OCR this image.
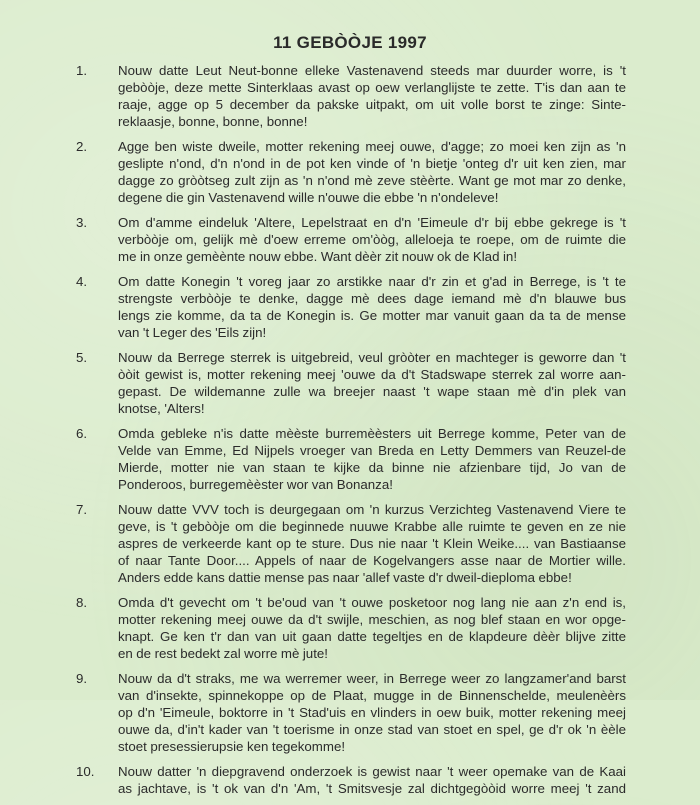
11 GEBÒÒJE 1997
1.	Nouw datte Leut Neut-bonne elleke Vastenavend steeds mar duurder worre, is 't
gebòòje, deze mette Sinterklaas avast op oew verlanglijste te zette. T'is dan aan te
raaje, agge op 5 december da pakske uitpakt, om uit volle borst te zinge: Sinte-
reklaasje, bonne, bonne, bonne!
2.	Agge ben wiste dweile, motter rekening meej ouwe, d'agge; zo moei ken zijn as 'n
geslipte n'ond, d'n n'ond in de pot ken vinde of 'n bietje 'onteg d'r uit ken zien, mar
dagge zo gròòtseg zult zijn as 'n n'ond mè zeve stèèrte. Want ge mot mar zo denke,
degene die gin Vastenavend wille n'ouwe die ebbe 'n n'ondeleve!
3.	Om d'amme eindeluk 'Altere, Lepelstraat en d'n 'Eimeule d'r bij ebbe gekrege is 't
verbòòje om, gelijk mè d'oew erreme om'òòg, alleloeja te roepe, om de ruimte die
me in onze gemèènte nouw ebbe. Want dèèr zit nouw ok de Klad in!
4.	Om datte Konegin 't voreg jaar zo arstikke naar d'r zin et g'ad in Berrege, is 't te
strengste verbòòje te denke, dagge mè dees dage iemand mè d'n blauwe bus
lengs zie komme, da ta de Konegin is. Ge motter mar vanuit gaan da ta de mense
van 't Leger des 'Eils zijn!
5.	Nouw da Berrege sterrek is uitgebreid, veul gròòter en machteger is geworre dan 't
òòit gewist is, motter rekening meej 'ouwe da d't Stadswape sterrek zal worre aan-
gepast. De wildemanne zulle wa breejer naast 't wape staan mè d'in plek van
knotse, 'Alters!
6.	Omda gebleke n'is datte mèèste burremèèsters uit Berrege komme, Peter van de
Velde van Emme, Ed Nijpels vroeger van Breda en Letty Demmers van Reuzel-de
Mierde, motter nie van staan te kijke da binne nie afzienbare tijd, Jo van de
Ponderoos, burregemèèster wor van Bonanza!
7.	Nouw datte VVV toch is deurgegaan om 'n kurzus Verzichteg Vastenavend Viere te
geve, is 't gebòòje om die beginnede nuuwe Krabbe alle ruimte te geven en ze nie
aspres de verkeerde kant op te sture. Dus nie naar 't Klein Weike.... van Bastiaanse
of naar Tante Door.... Appels of naar de Kogelvangers asse naar de Mortier wille.
Anders edde kans dattie mense pas naar 'allef vaste d'r dweil-dieploma ebbe!
8.	Omda d't gevecht om 't be'oud van 't ouwe posketoor nog lang nie aan z'n end is,
motter rekening meej ouwe da d't swijle, meschien, as nog blef staan en wor opge-
knapt. Ge ken t'r dan van uit gaan datte tegeltjes en de klapdeure dèèr blijve zitte
en de rest bedekt zal worre mè jute!
9.	Nouw da d't straks, me wa werremer weer, in Berrege weer zo langzamer'and barst
van d'insekte, spinnekoppe op de Plaat, mugge in de Binnenschelde, meulenèèrs
op d'n 'Eimeule, boktorre in 't Stad'uis en vlinders in oew buik, motter rekening meej
ouwe da, d'in't kader van 't toerisme in onze stad van stoet en spel, ge d'r ok 'n èèle
stoet presessierupsie ken tegekomme!
10.	Nouw datter 'n diepgravend onderzoek is gewist naar 't weer opemake van de Kaai
as jachtave, is 't ok van d'n 'Am, 't Smitsvesje zal dichtgegòòid worre meej 't zand
